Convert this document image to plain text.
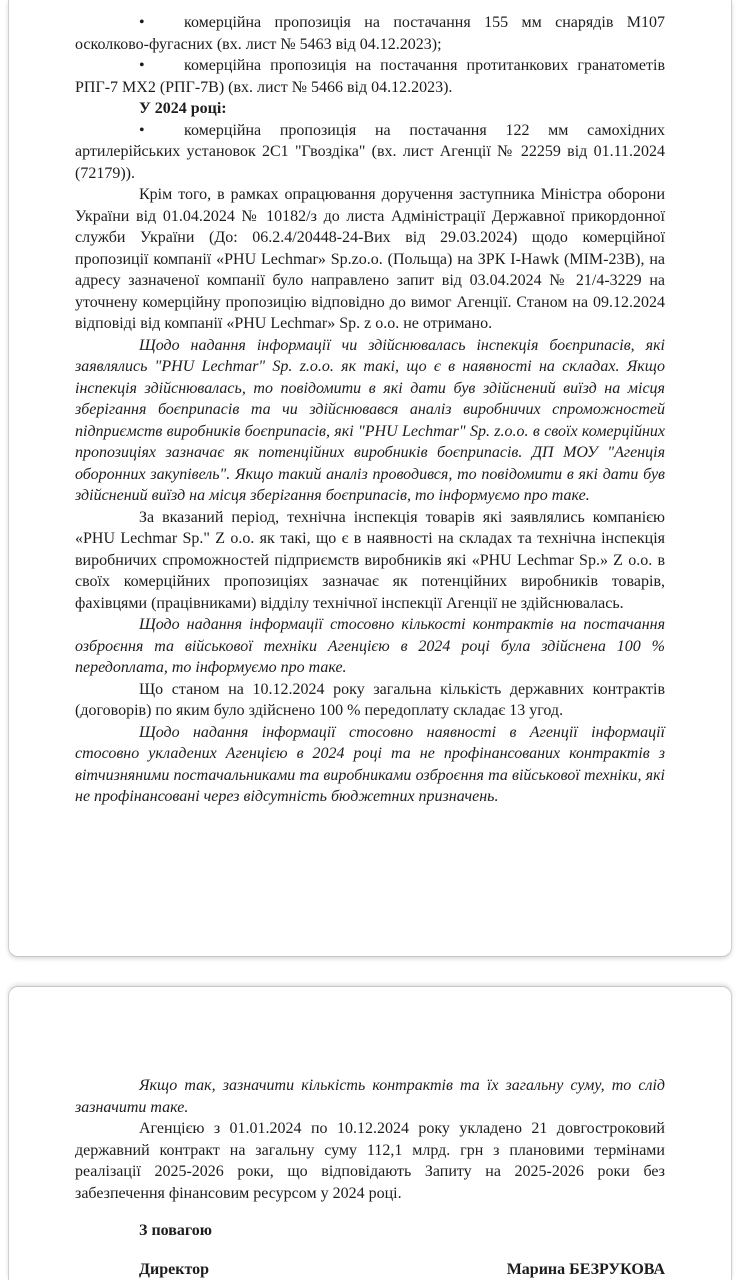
• комерційна пропозиція на постачання 155 мм снарядів М107 осколково-фугасних (вх. лист № 5463 від 04.12.2023);

• комерційна пропозиція на постачання протитанкових гранатометів РПГ-7 МХ2 (РПГ-7В) (вх. лист № 5466 від 04.12.2023).

У 2024 році:

• комерційна пропозиція на постачання 122 мм самохідних артилерійських установок 2С1 "Гвоздіка" (вх. лист Агенції № 22259 від 01.11.2024 (72179)).

Крім того, в рамках опрацювання доручення заступника Міністра оборони України від 01.04.2024 № 10182/з до листа Адміністрації Державної прикордонної служби України (До: 06.2.4/20448-24-Вих від 29.03.2024) щодо комерційної пропозиції компанії «PHU Lechmar» Sp.zo.o. (Польща) на ЗРК I-Hawk (МІМ-23В), на адресу зазначеної компанії було направлено запит від 03.04.2024 № 21/4-3229 на уточнену комерційну пропозицію відповідно до вимог Агенції. Станом на 09.12.2024 відповіді від компанії «PHU Lechmar» Sp. z o.o. не отримано.

Щодо надання інформації чи здійснювалась інспекція боєприпасів, які заявлялись "PHU Lechmar" Sp. z.o.o. як такі, що є в наявності на складах. Якщо інспекція здійснювалась, то повідомити в які дати був здійснений виїзд на місця зберігання боєприпасів та чи здійснювався аналіз виробничих спроможностей підприємств виробників боєприпасів, які "PHU Lechmar" Sp. z.o.o. в своїх комерційних пропозиціях зазначає як потенційних виробників боєприпасів. ДП МОУ "Агенція оборонних закупівель". Якщо такий аналіз проводився, то повідомити в які дати був здійснений виїзд на місця зберігання боєприпасів, то інформуємо про таке.

За вказаний період, технічна інспекція товарів які заявлялись компанією «PHU Lechmar Sp." Z о.о. як такі, що є в наявності на складах та технічна інспекція виробничих спроможностей підприємств виробників які «PHU Lechmar Sp.» Z о.о. в своїх комерційних пропозиціях зазначає як потенційних виробників товарів, фахівцями (працівниками) відділу технічної інспекції Агенції не здійснювалась.

Щодо надання інформації стосовно кількості контрактів на постачання озброєння та військової техніки Агенцією в 2024 році була здійснена 100 % передоплата, то інформуємо про таке.

Що станом на 10.12.2024 року загальна кількість державних контрактів (договорів) по яким було здійснено 100 % передоплату складає 13 угод.

Щодо надання інформації стосовно наявності в Агенції інформації стосовно укладених Агенцією в 2024 році та не профінансованих контрактів з вітчизняними постачальниками та виробниками озброєння та військової техніки, які не профінансовані через відсутність бюджетних призначень.

Якщо так, зазначити кількість контрактів та їх загальну суму, то слід зазначити таке.

Агенцією з 01.01.2024 по 10.12.2024 року укладено 21 довгостроковий державний контракт на загальну суму 112,1 млрд. грн з плановими термінами реалізації 2025-2026 роки, що відповідають Запиту на 2025-2026 роки без забезпечення фінансовим ресурсом у 2024 році.

З повагою

Директор	Марина БЕЗРУКОВА
